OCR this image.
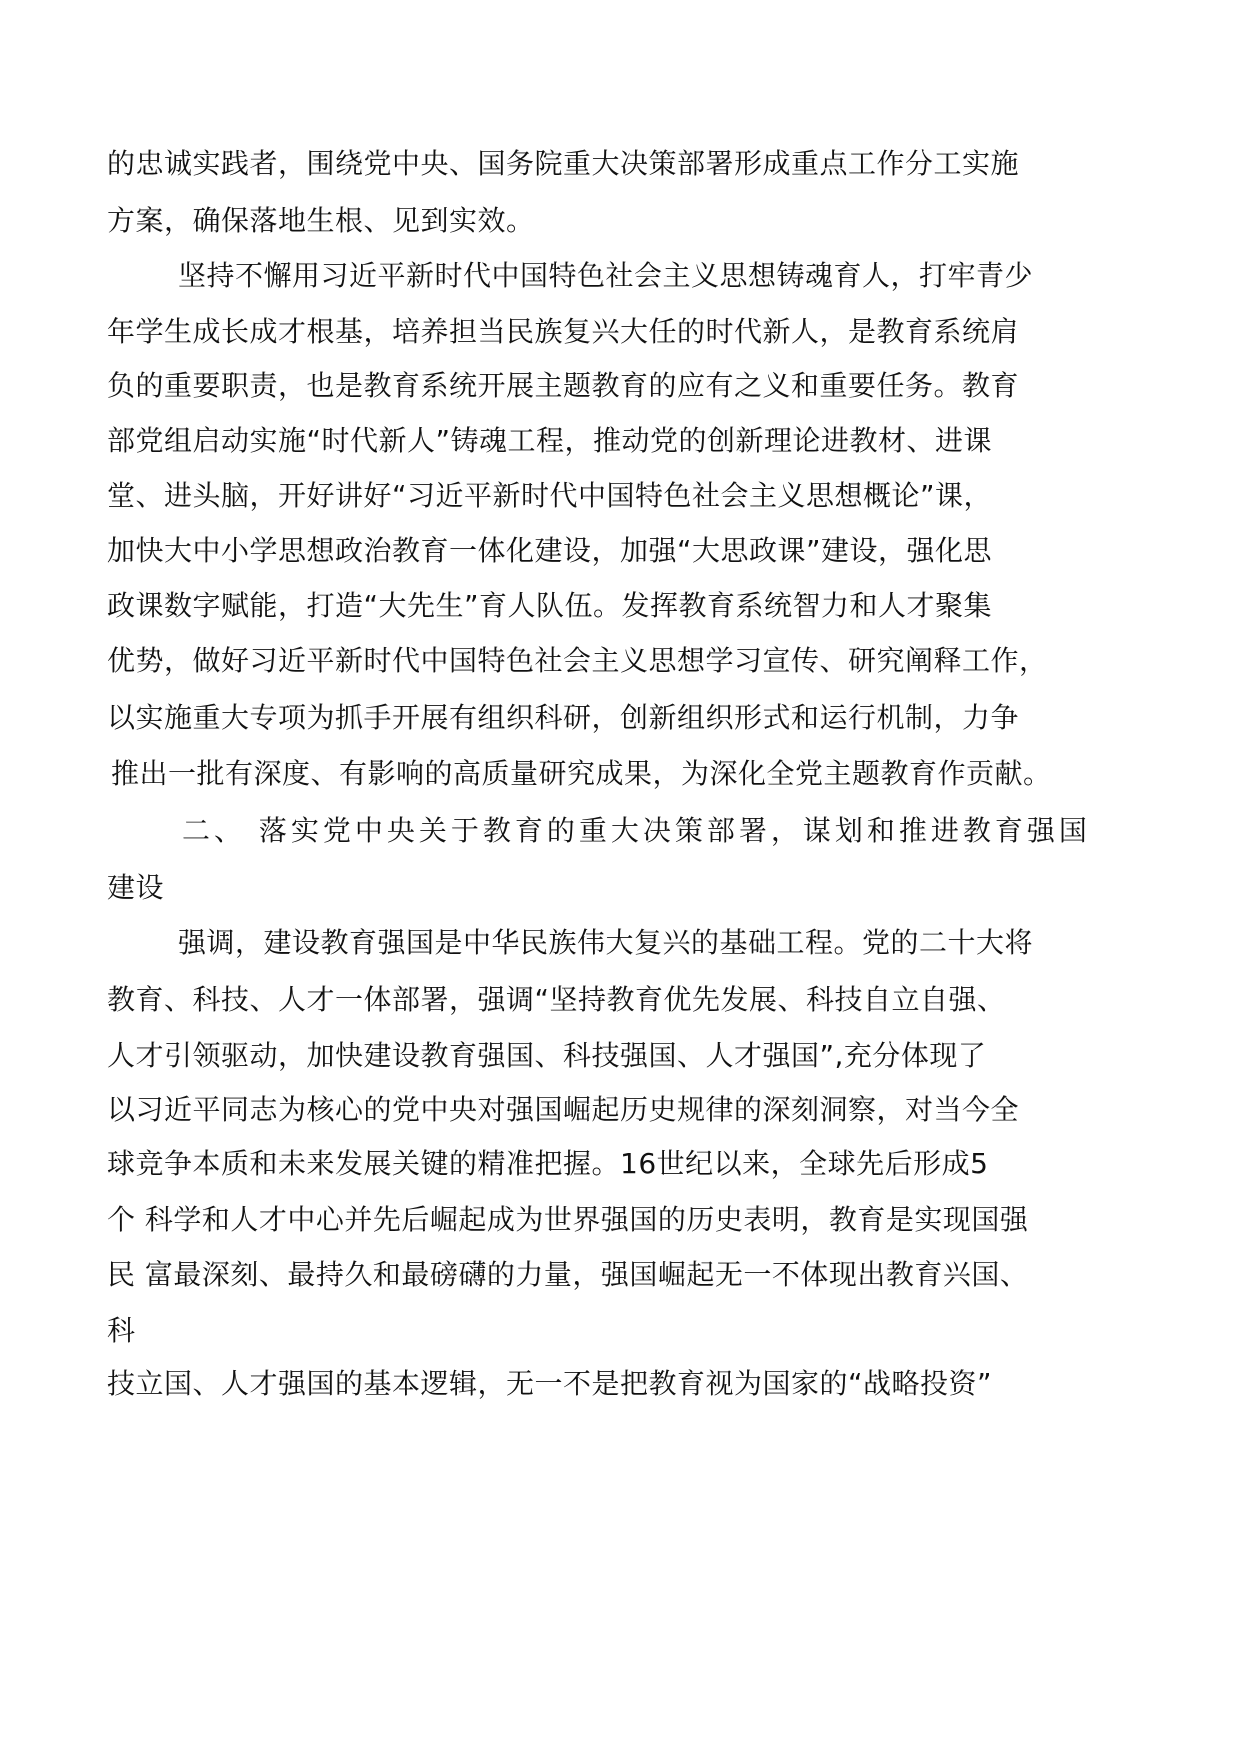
的忠诚实践者，围绕党中央、国务院重大决策部署形成重点工作分工实施
方案，确保落地生根、见到实效。
坚持不懈用习近平新时代中国特色社会主义思想铸魂育人，打牢青少
年学生成长成才根基，培养担当民族复兴大任的时代新人，是教育系统肩
负的重要职责，也是教育系统开展主题教育的应有之义和重要任务。教育
部党组启动实施“时代新人”铸魂工程，推动党的创新理论进教材、进课
堂、进头脑，开好讲好“习近平新时代中国特色社会主义思想概论”课，
加快大中小学思想政治教育一体化建设，加强“大思政课”建设，强化思
政课数字赋能，打造“大先生”育人队伍。发挥教育系统智力和人才聚集
优势，做好习近平新时代中国特色社会主义思想学习宣传、研究阐释工作，
以实施重大专项为抓手开展有组织科研，创新组织形式和运行机制，力争
推出一批有深度、有影响的高质量研究成果，为深化全党主题教育作贡献。
二、 落实党中央关于教育的重大决策部署，谋划和推进教育强国
建设
强调，建设教育强国是中华民族伟大复兴的基础工程。党的二十大将
教育、科技、人才一体部署，强调“坚持教育优先发展、科技自立自强、
人才引领驱动，加快建设教育强国、科技强国、人才强国”,充分体现了
以习近平同志为核心的党中央对强国崛起历史规律的深刻洞察，对当今全
球竞争本质和未来发展关键的精准把握。16世纪以来，全球先后形成5
个 科学和人才中心并先后崛起成为世界强国的历史表明，教育是实现国强
民 富最深刻、最持久和最磅礴的力量，强国崛起无一不体现出教育兴国、
科
技立国、人才强国的基本逻辑，无一不是把教育视为国家的“战略投资”
